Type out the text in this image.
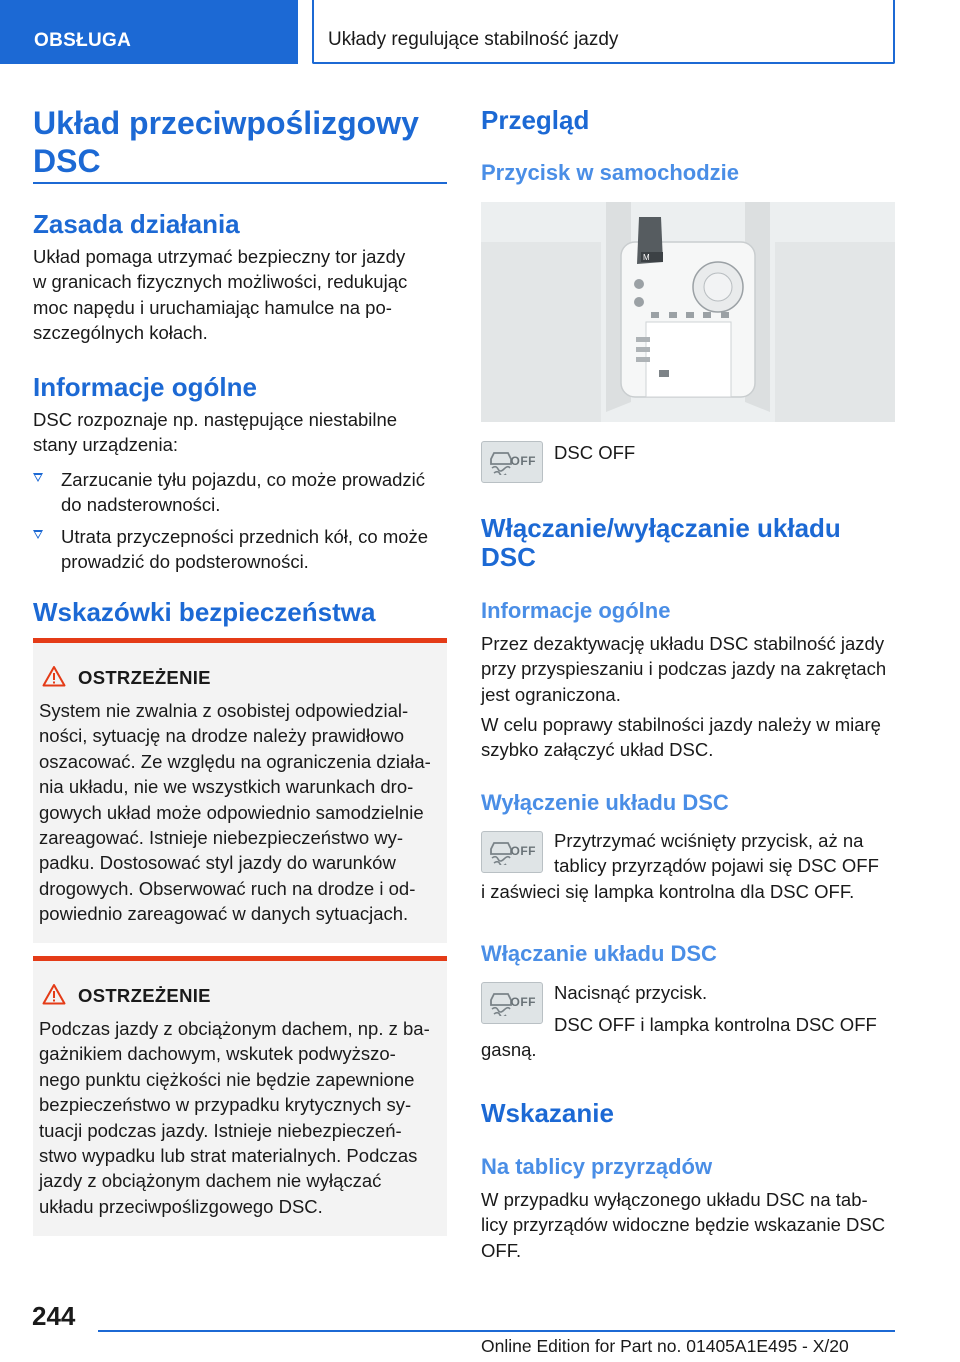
OBSŁUGA	Układy regulujące stabilność jazdy
Układ przeciwpoślizgowy
DSC
Zasada działania
Układ pomaga utrzymać bezpieczny tor jazdy
w granicach fizycznych możliwości, redukując
moc napędu i uruchamiając hamulce na po‐
szczególnych kołach.
Informacje ogólne
DSC rozpoznaje np. następujące niestabilne
stany urządzenia:
Zarzucanie tyłu pojazdu, co może prowadzić
do nadsterowności.
Utrata przyczepności przednich kół, co może
prowadzić do podsterowności.
Wskazówki bezpieczeństwa
OSTRZEŻENIE
System nie zwalnia z osobistej odpowiedzial‐
ności, sytuację na drodze należy prawidłowo
oszacować. Ze względu na ograniczenia działa‐
nia układu, nie we wszystkich warunkach dro‐
gowych układ może odpowiednio samodzielnie
zareagować. Istnieje niebezpieczeństwo wy‐
padku. Dostosować styl jazdy do warunków
drogowych. Obserwować ruch na drodze i od‐
powiednio zareagować w danych sytuacjach.
OSTRZEŻENIE
Podczas jazdy z obciążonym dachem, np. z ba‐
gażnikiem dachowym, wskutek podwyższo‐
nego punktu ciężkości nie będzie zapewnione
bezpieczeństwo w przypadku krytycznych sy‐
tuacji podczas jazdy. Istnieje niebezpieczeń‐
stwo wypadku lub strat materialnych. Podczas
jazdy z obciążonym dachem nie wyłączać
układu przeciwpoślizgowego DSC.
Przegląd
Przycisk w samochodzie
M
OFF DSC OFF
Włączanie/wyłączanie układu
DSC
Informacje ogólne
Przez dezaktywację układu DSC stabilność jazdy
przy przyspieszaniu i podczas jazdy na zakrętach
jest ograniczona.
W celu poprawy stabilności jazdy należy w miarę
szybko załączyć układ DSC.
Wyłączenie układu DSC
OFF Przytrzymać wciśnięty przycisk, aż na
tablicy przyrządów pojawi się DSC OFF
i zaświeci się lampka kontrolna dla DSC OFF.
Włączanie układu DSC
OFF Nacisnąć przycisk.
DSC OFF i lampka kontrolna DSC OFF
gasną.
Wskazanie
Na tablicy przyrządów
W przypadku wyłączonego układu DSC na tab‐
licy przyrządów widoczne będzie wskazanie DSC
OFF.
244
Online Edition for Part no. 01405A1E495 - X/20
